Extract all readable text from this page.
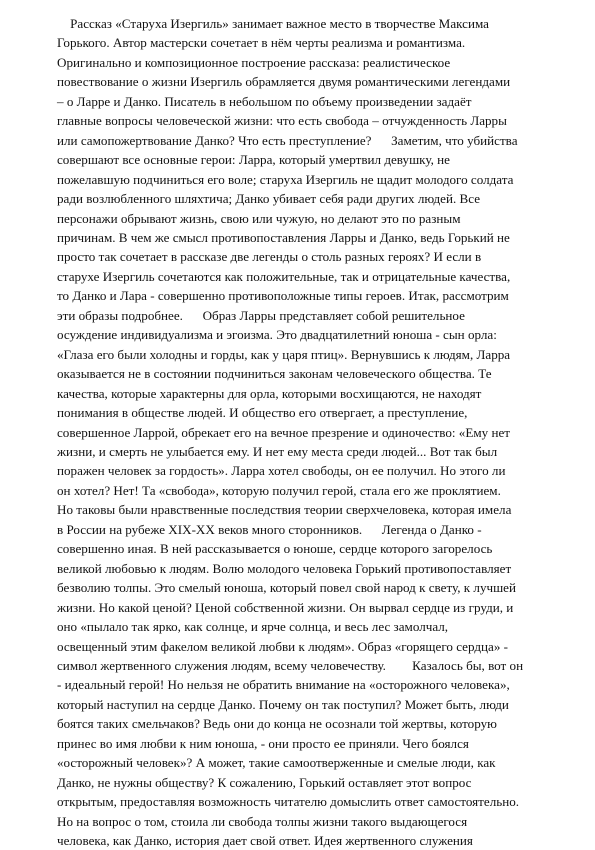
Рассказ «Старуха Изергиль» занимает важное место в творчестве Максима
Горького. Автор мастерски сочетает в нём черты реализма и романтизма.
Оригинально и композиционное построение рассказа: реалистическое
повествование о жизни Изергиль обрамляется двумя романтическими легендами
– о Ларре и Данко. Писатель в небольшом по объему произведении задаёт
главные вопросы человеческой жизни: что есть свобода – отчужденность Ларры
или самопожертвование Данко? Что есть преступление?      Заметим, что убийства
совершают все основные герои: Ларра, который умертвил девушку, не
пожелавшую подчиниться его воле; старуха Изергиль не щадит молодого солдата
ради возлюбленного шляхтича; Данко убивает себя ради других людей. Все
персонажи обрывают жизнь, свою или чужую, но делают это по разным
причинам. В чем же смысл противопоставления Ларры и Данко, ведь Горький не
просто так сочетает в рассказе две легенды о столь разных героях? И если в
старухе Изергиль сочетаются как положительные, так и отрицательные качества,
то Данко и Лара - совершенно противоположные типы героев. Итак, рассмотрим
эти образы подробнее.      Образ Ларры представляет собой решительное
осуждение индивидуализма и эгоизма. Это двадцатилетний юноша - сын орла:
«Глаза его были холодны и горды, как у царя птиц». Вернувшись к людям, Ларра
оказывается не в состоянии подчиниться законам человеческого общества. Те
качества, которые характерны для орла, которыми восхищаются, не находят
понимания в обществе людей. И общество его отвергает, а преступление,
совершенное Ларрой, обрекает его на вечное презрение и одиночество: «Ему нет
жизни, и смерть не улыбается ему. И нет ему места среди людей... Вот так был
поражен человек за гордость». Ларра хотел свободы, он ее получил. Но этого ли
он хотел? Нет! Та «свобода», которую получил герой, стала его же проклятием.
Но таковы были нравственные последствия теории сверхчеловека, которая имела
в России на рубеже XIX-XX веков много сторонников.      Легенда о Данко -
совершенно иная. В ней рассказывается о юноше, сердце которого загорелось
великой любовью к людям. Волю молодого человека Горький противопоставляет
безволию толпы. Это смелый юноша, который повел свой народ к свету, к лучшей
жизни. Но какой ценой? Ценой собственной жизни. Он вырвал сердце из груди, и
оно «пылало так ярко, как солнце, и ярче солнца, и весь лес замолчал,
освещенный этим факелом великой любви к людям». Образ «горящего сердца» -
символ жертвенного служения людям, всему человечеству.        Казалось бы, вот он
- идеальный герой! Но нельзя не обратить внимание на «осторожного человека»,
который наступил на сердце Данко. Почему он так поступил? Может быть, люди
боятся таких смельчаков? Ведь они до конца не осознали той жертвы, которую
принес во имя любви к ним юноша, - они просто ее приняли. Чего боялся
«осторожный человек»? А может, такие самоотверженные и смелые люди, как
Данко, не нужны обществу? К сожалению, Горький оставляет этот вопрос
открытым, предоставляя возможность читателю домыслить ответ самостоятельно.
Но на вопрос о том, стоила ли свобода толпы жизни такого выдающегося
человека, как Данко, история дает свой ответ. Идея жертвенного служения
